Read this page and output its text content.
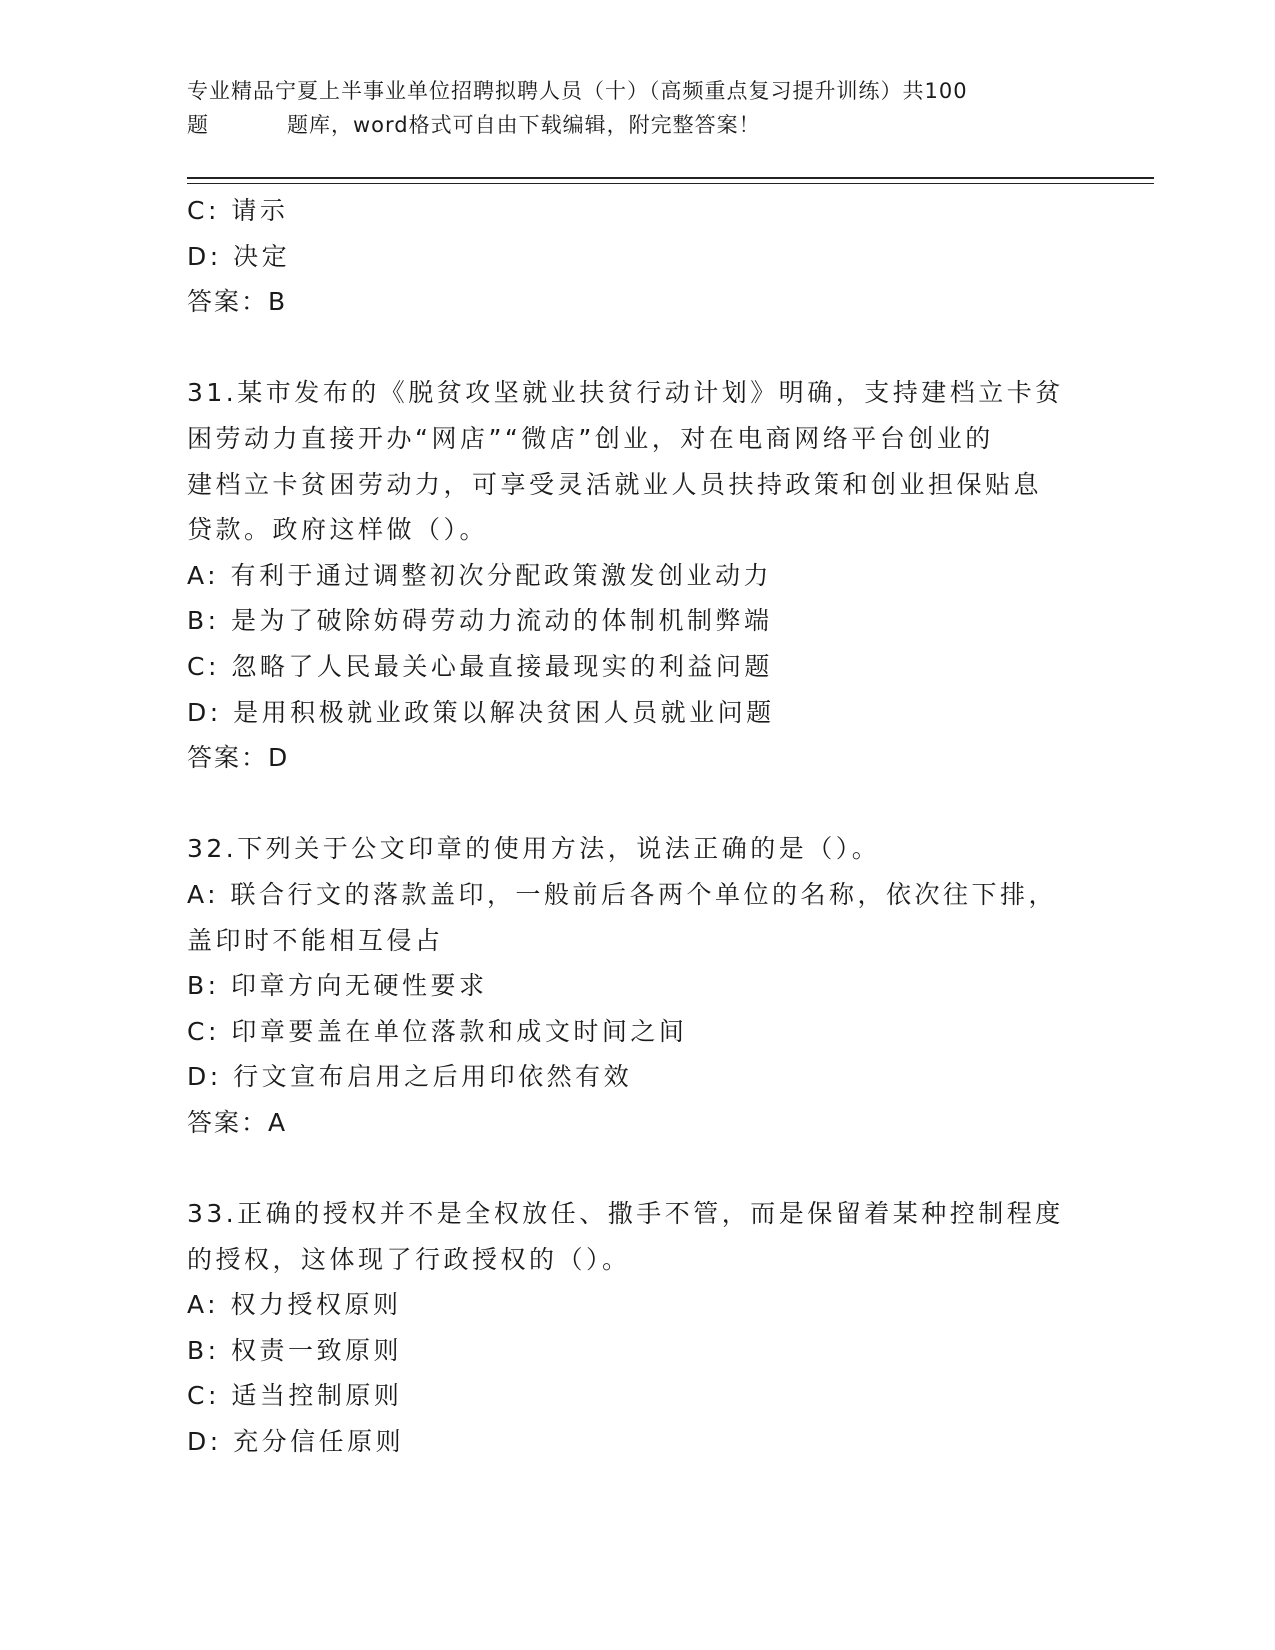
专业精品宁夏上半事业单位招聘拟聘人员（十）（高频重点复习提升训练）共100
题	题库，word格式可自由下载编辑，附完整答案！
C: 请示
D: 决定
答案：B
31.某市发布的《脱贫攻坚就业扶贫行动计划》明确，支持建档立卡贫
困劳动力直接开办“网店”“微店”创业，对在电商网络平台创业的
建档立卡贫困劳动力，可享受灵活就业人员扶持政策和创业担保贴息
贷款。政府这样做（）。
A: 有利于通过调整初次分配政策激发创业动力
B: 是为了破除妨碍劳动力流动的体制机制弊端
C: 忽略了人民最关心最直接最现实的利益问题
D: 是用积极就业政策以解决贫困人员就业问题
答案：D
32.下列关于公文印章的使用方法，说法正确的是（）。
A: 联合行文的落款盖印，一般前后各两个单位的名称，依次往下排，
盖印时不能相互侵占
B: 印章方向无硬性要求
C: 印章要盖在单位落款和成文时间之间
D: 行文宣布启用之后用印依然有效
答案：A
33.正确的授权并不是全权放任、撒手不管，而是保留着某种控制程度
的授权，这体现了行政授权的（）。
A: 权力授权原则
B: 权责一致原则
C: 适当控制原则
D: 充分信任原则
